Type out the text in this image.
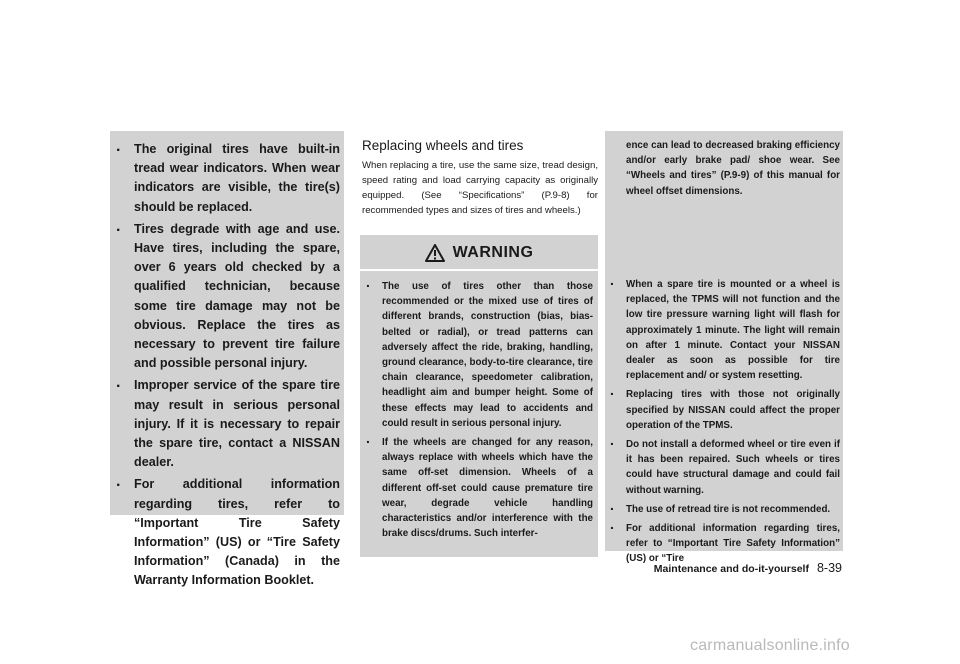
. The original tires have built-in tread wear indicators. When wear indicators are visible, the tire(s) should be replaced.
. Tires degrade with age and use. Have tires, including the spare, over 6 years old checked by a qualified technician, because some tire damage may not be obvious. Replace the tires as necessary to prevent tire failure and possible personal injury.
. Improper service of the spare tire may result in serious personal injury. If it is necessary to repair the spare tire, contact a NISSAN dealer.
. For additional information regarding tires, refer to “Important Tire Safety Information” (US) or “Tire Safety Information” (Canada) in the Warranty Information Booklet.
Replacing wheels and tires

When replacing a tire, use the same size, tread design, speed rating and load carrying capacity as originally equipped. (See “Specifications” (P.9-8) for recommended types and sizes of tires and wheels.)

WARNING
. The use of tires other than those recommended or the mixed use of tires of different brands, construction (bias, bias-belted or radial), or tread patterns can adversely affect the ride, braking, handling, ground clearance, body-to-tire clearance, tire chain clearance, speedometer calibration, headlight aim and bumper height. Some of these effects may lead to accidents and could result in serious personal injury.
. If the wheels are changed for any reason, always replace with wheels which have the same off-set dimension. Wheels of a different off-set could cause premature tire wear, degrade vehicle handling characteristics and/or interference with the brake discs/drums. Such interfer-

ence can lead to decreased braking efficiency and/or early brake pad/ shoe wear. See “Wheels and tires” (P.9-9) of this manual for wheel offset dimensions.

. When a spare tire is mounted or a wheel is replaced, the TPMS will not function and the low tire pressure warning light will flash for approximately 1 minute. The light will remain on after 1 minute. Contact your NISSAN dealer as soon as possible for tire replacement and/ or system resetting.
. Replacing tires with those not originally specified by NISSAN could affect the proper operation of the TPMS.
. Do not install a deformed wheel or tire even if it has been repaired. Such wheels or tires could have structural damage and could fail without warning.
. The use of retread tire is not recommended.
. For additional information regarding tires, refer to “Important Tire Safety Information” (US) or “Tire
Maintenance and do-it-yourself 8-39
carmanualsonline.info
